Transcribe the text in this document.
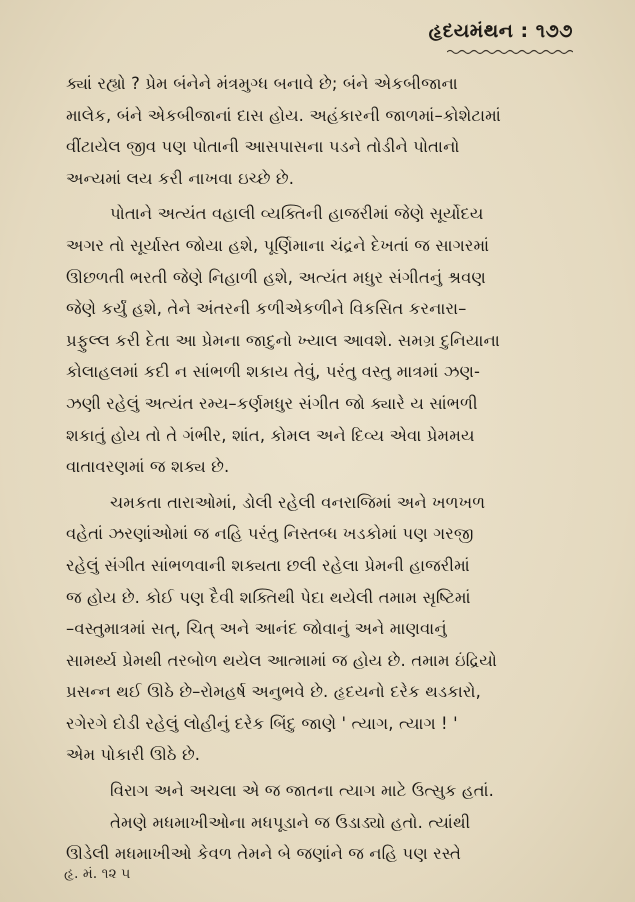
હૃદયમંથન : ૧૭૭
ક્યાં રહ્યો ? પ્રેમ બંનેને મંત્રમુગ્ધ બનાવે છે; બંને એકબીજાના
માલેક, બંને એકબીજાનાં દાસ હોય. અહંકારની જાળમાં–કોશેટામાં
વીંટાયેલ જીવ પણ પોતાની આસપાસના પડને તોડીને પોતાનો
અન્યમાં લય કરી નાખવા ઇચ્છે છે.
પોતાને અત્યંત વહાલી વ્યક્તિની હાજરીમાં જેણે સૂર્યોદય
અગર તો સૂર્યાસ્ત જોયા હશે, પૂર્ણિમાના ચંદ્રને દેખતાં જ સાગરમાં
ઊછળતી ભરતી જેણે નિહાળી હશે, અત્યંત મધુર સંગીતનું શ્રવણ
જેણે કર્યું હશે, તેને અંતરની કળીએકળીને વિકસિત કરનારા–
પ્રફુલ્લ કરી દેતા આ પ્રેમના જાદુનો ખ્યાલ આવશે. સમગ્ર દુનિયાના
કોલાહલમાં કદી ન સાંભળી શકાય તેવું, પરંતુ વસ્તુ માત્રમાં ઝણ-
ઝણી રહેલું અત્યંત રમ્ય–કર્ણમધુર સંગીત જો ક્યારે ય સાંભળી
શકાતું હોય તો તે ગંભીર, શાંત, કોમલ અને દિવ્ય એવા પ્રેમમય
વાતાવરણમાં જ શક્ય છે.
ચમકતા તારાઓમાં, ડોલી રહેલી વનરાજિમાં અને ખળખળ
વહેતાં ઝરણાંઓમાં જ નહિ પરંતુ નિસ્તબ્ધ ખડકોમાં પણ ગરજી
રહેલું સંગીત સાંભળવાની શક્યતા છલી રહેલા પ્રેમની હાજરીમાં
જ હોય છે. કોઈ પણ દૈવી શક્તિથી પેદા થયેલી તમામ સૃષ્ટિમાં
–વસ્તુમાત્રમાં સત્, ચિત્ અને આનંદ જોવાનું અને માણવાનું
સામર્થ્ય પ્રેમથી તરબોળ થયેલ આત્મામાં જ હોય છે. તમામ ઇંદ્રિયો
પ્રસન્ન થઈ ઊઠે છે–રોમહર્ષ અનુભવે છે. હૃદયનો દરેક થડકારો,
રગેરગે દોડી રહેલું લોહીનું દરેક બિંદુ જાણે ' ત્યાગ, ત્યાગ ! '
એમ પોકારી ઊઠે છે.
વિરાગ અને અચલા એ જ જાતના ત્યાગ માટે ઉત્સુક હતાં.
તેમણે મધમાખીઓના મધપૂડાને જ ઉડાડ્યો હતો. ત્યાંથી
ઊડેલી મધમાખીઓ કેવળ તેમને બે જણાંને જ નહિ પણ રસ્તે
હૃ. મં. ૧૨ ૫
